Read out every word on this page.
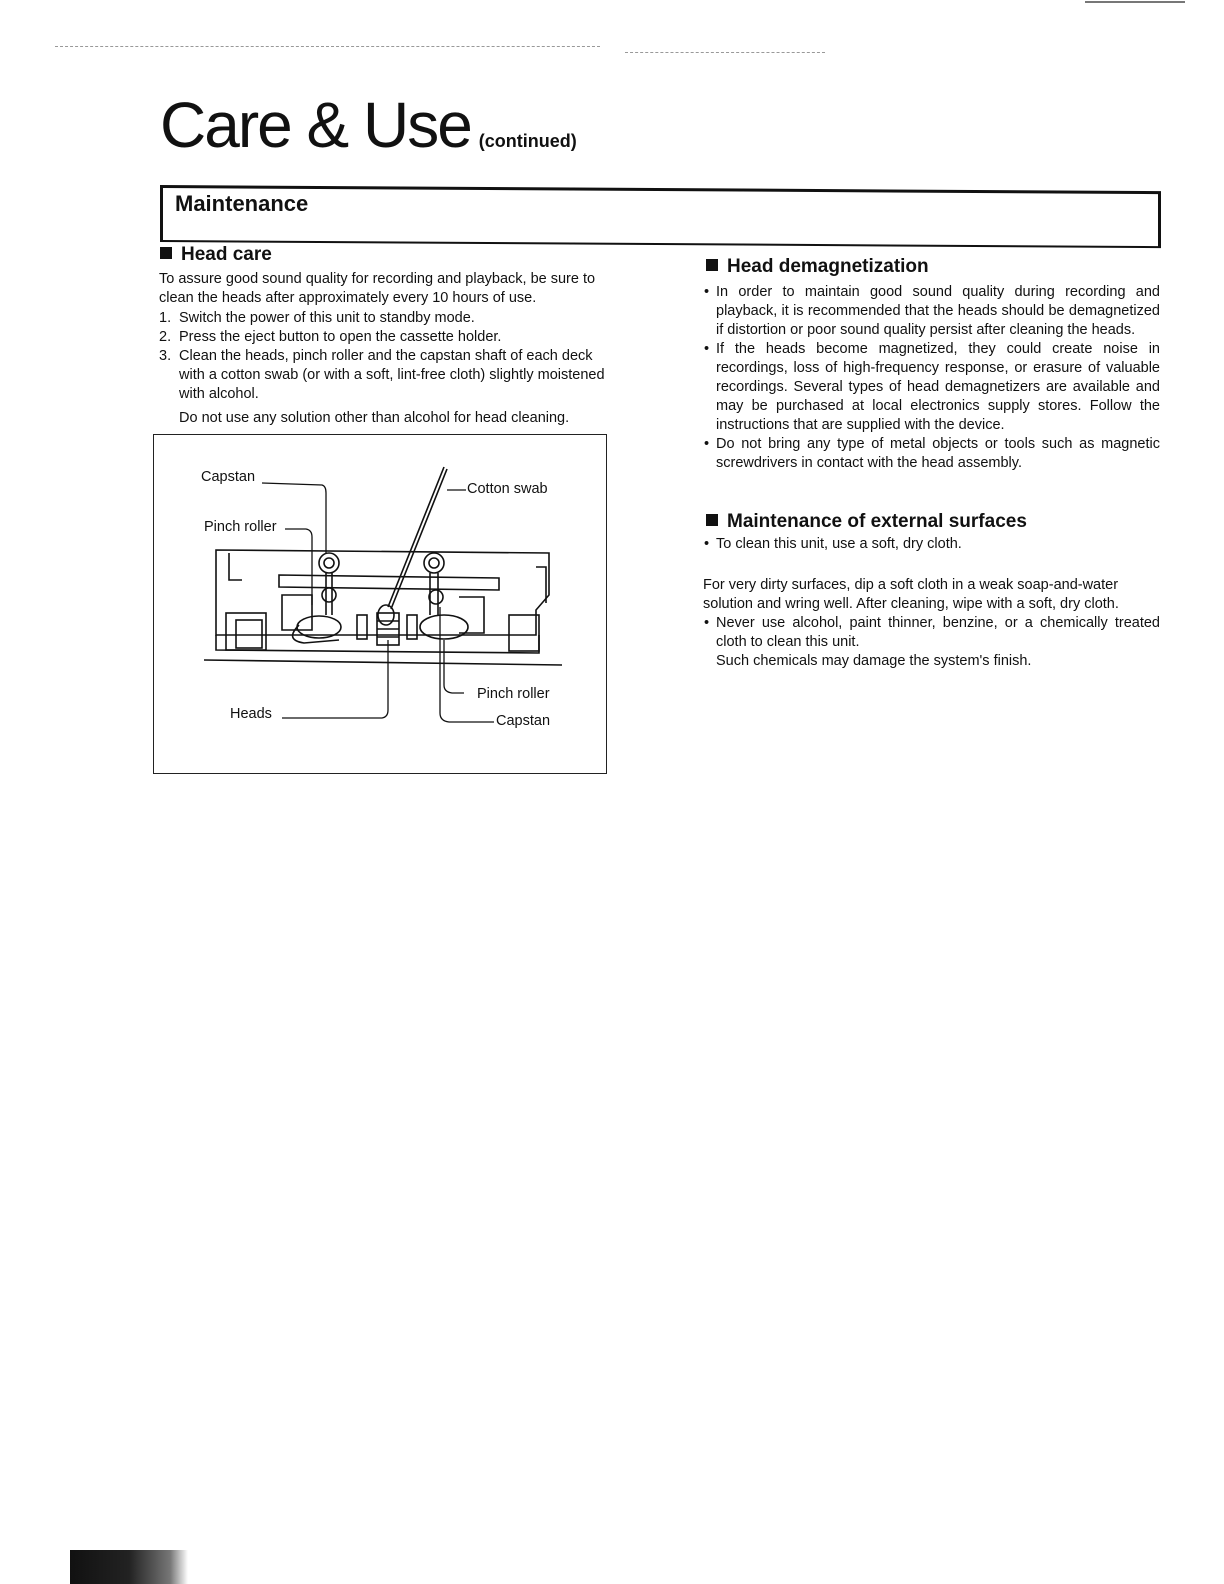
Care & Use (continued)
Maintenance
Head care

To assure good sound quality for recording and playback, be sure to clean the heads after approximately every 10 hours of use.

1. Switch the power of this unit to standby mode.
2. Press the eject button to open the cassette holder.
3. Clean the heads, pinch roller and the capstan shaft of each deck with a cotton swab (or with a soft, lint-free cloth) slightly moistened with alcohol.

Do not use any solution other than alcohol for head cleaning.

Capstan
Pinch roller
Cotton swab
Heads
Pinch roller
Capstan
Head demagnetization
• In order to maintain good sound quality during recording and playback, it is recommended that the heads should be demagnetized if distortion or poor sound quality persist after cleaning the heads.
• If the heads become magnetized, they could create noise in recordings, loss of high-frequency response, or erasure of valuable recordings. Several types of head demagnetizers are available and may be purchased at local electronics supply stores. Follow the instructions that are supplied with the device.
• Do not bring any type of metal objects or tools such as magnetic screwdrivers in contact with the head assembly.
Maintenance of external surfaces
• To clean this unit, use a soft, dry cloth.

For very dirty surfaces, dip a soft cloth in a weak soap-and-water solution and wring well. After cleaning, wipe with a soft, dry cloth.

• Never use alcohol, paint thinner, benzine, or a chemically treated cloth to clean this unit.
Such chemicals may damage the system's finish.
